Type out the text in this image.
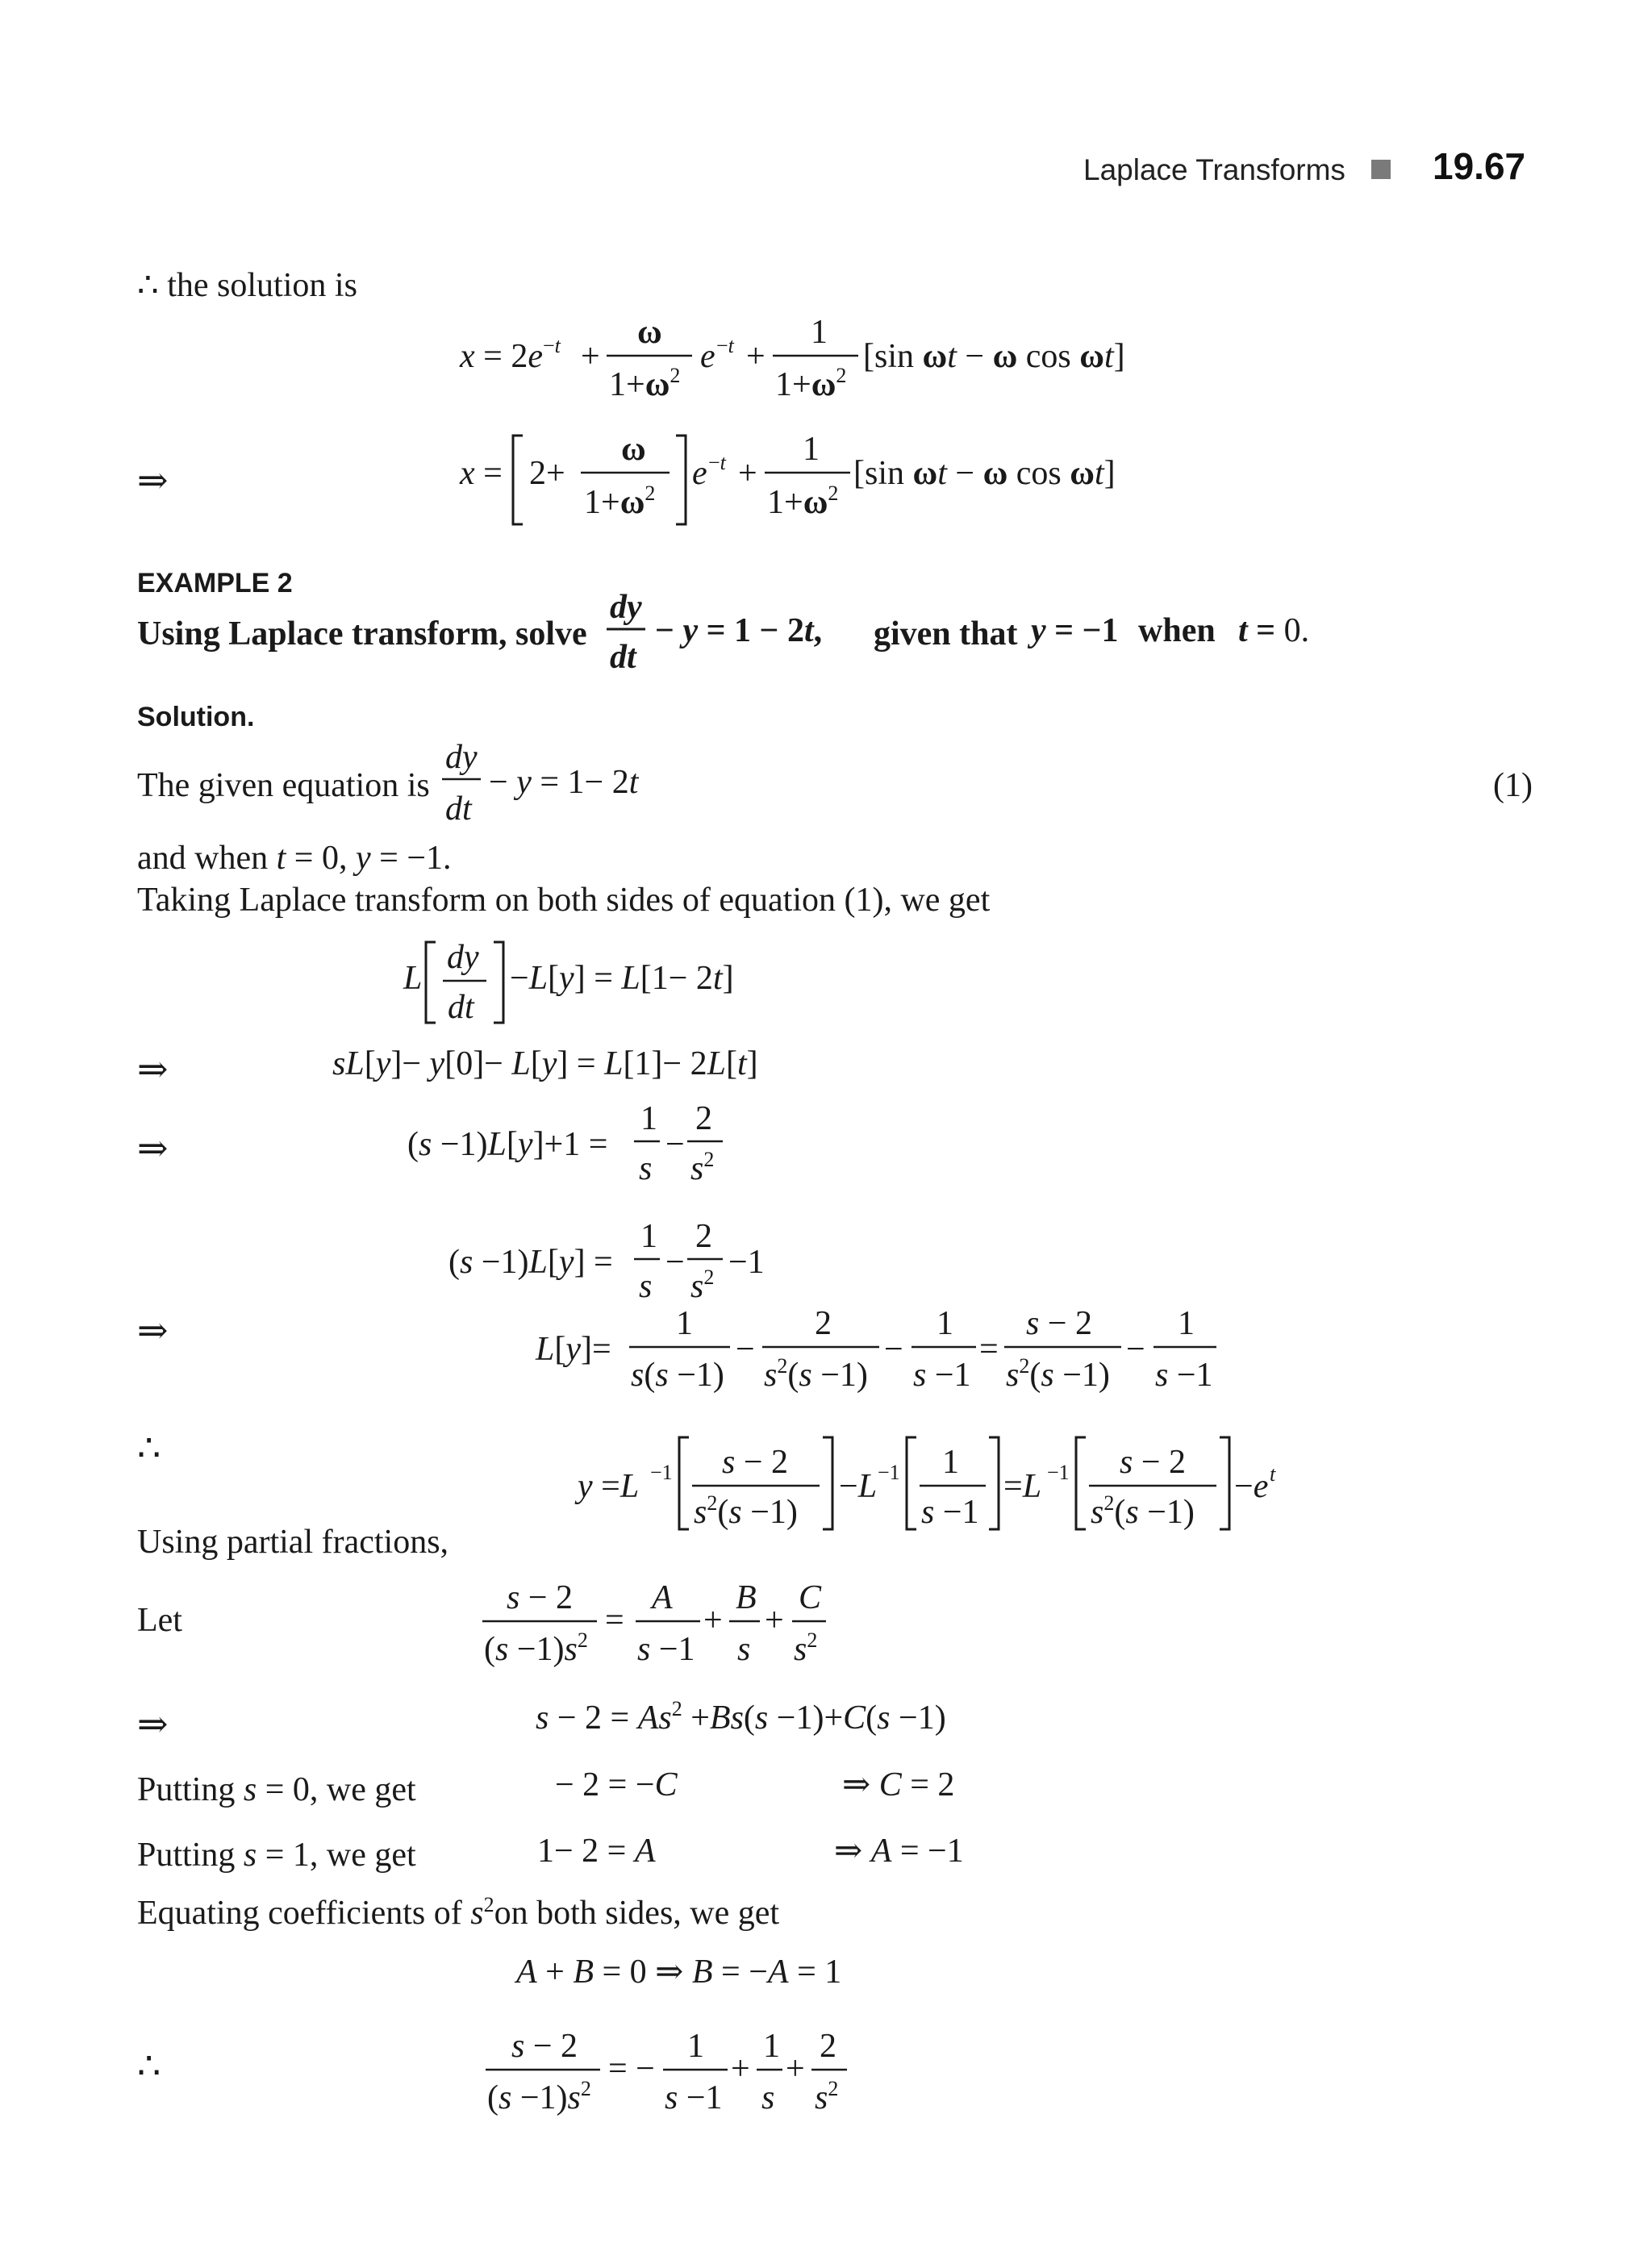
Laplace Transforms 19.67
∴ the solution is
EXAMPLE 2
Using Laplace transform, solve	given that
Solution.
The given equation is	(1)
and when t = 0, y = −1.
Taking Laplace transform on both sides of equation (1), we get
Using partial fractions,
Let
Putting s = 0, we get
Putting s = 1, we get
Equating coefficients of $s^2on$ both sides, we get
⇒
⇒
⇒
⇒
∴
⇒
∴
$x = 2e^{-t}$ +
ω
$1+\omega^2$
e −t +
1
$1+\omega^2$
[sin ωt − ω cos ωt]
x = 2+
ω
$1+\omega^2$
e −t +
1
$1+\omega^2$
[sin ωt − ω cos ωt]
dy
dt
− y = 1 − 2t,	y = −1	t = 0.
when
dy
dt
− y = 1− 2t
L
dy
dt
−L[y] = L[1− 2t]
sL[y]− y[0]− L[y] = L[1]− 2L[t]
(s −1)L[y]+1 =
1
s
−
2
$s^2$
(s −1)L[y] =
1
s
−
2
$s^2 -1$
L[y]=
1
s(s −1)
−
2
$s^2(s -1)$
−
1
s −1
=
s − 2
$s^2(s -1)$
−
1
s −1
y =L −1 s − 2
$s^2(s -1)$
−L −1 1
s −1
=L −1 s − 2
$s^2(s -1)$
−e t
s − 2
$(s -1)s^2$
=
A
s −1
+
B
s
+
C
$s^2$
$s - 2 = As^2 +Bs(s -1)+C(s -1)$
− 2 = −C	⇒ C = 2
1− 2 = A	⇒ A = −1
A + B = 0 ⇒ B = −A = 1
s − 2
$(s -1)s^2$
= −
1
s −1
+
1
s
+
2
$s^2$
